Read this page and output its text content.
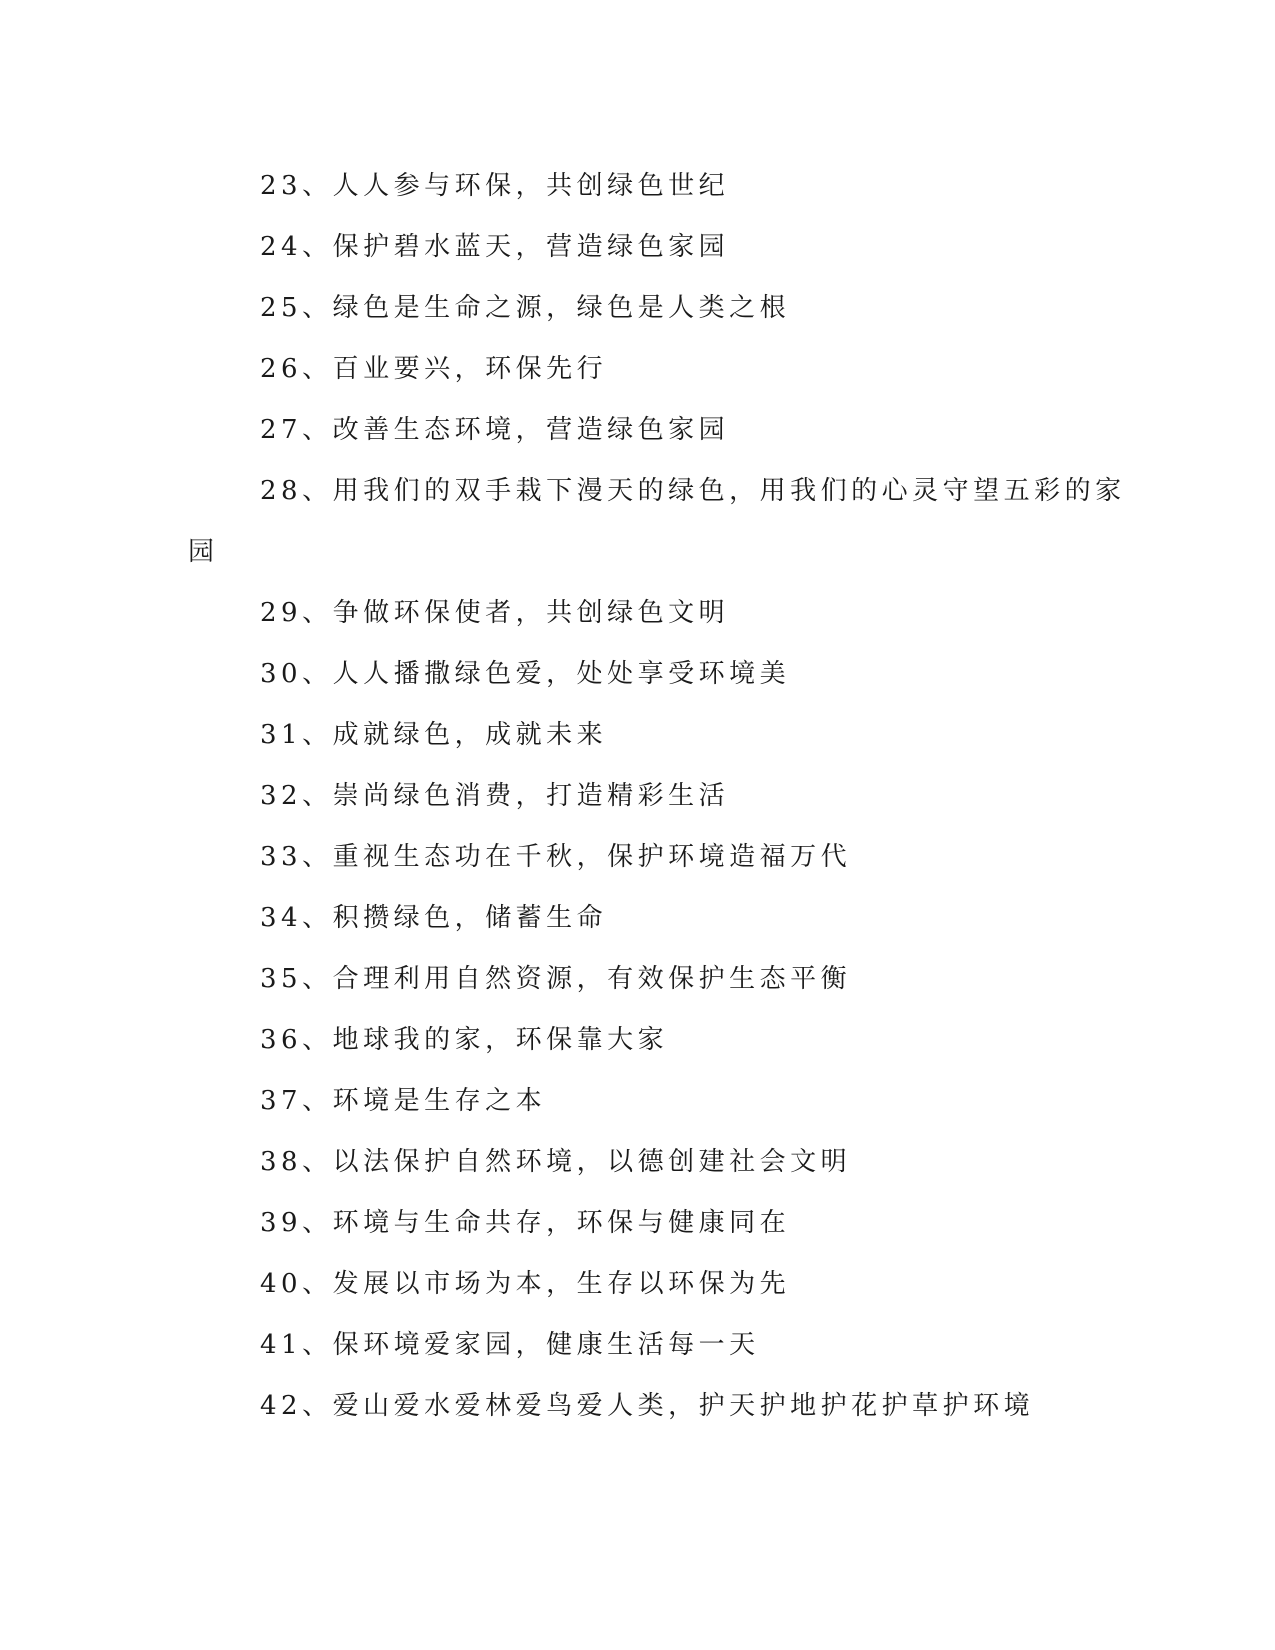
23、人人参与环保，共创绿色世纪
24、保护碧水蓝天，营造绿色家园
25、绿色是生命之源，绿色是人类之根
26、百业要兴，环保先行
27、改善生态环境，营造绿色家园
28、用我们的双手栽下漫天的绿色，用我们的心灵守望五彩的家
园
29、争做环保使者，共创绿色文明
30、人人播撒绿色爱，处处享受环境美
31、成就绿色，成就未来
32、崇尚绿色消费，打造精彩生活
33、重视生态功在千秋，保护环境造福万代
34、积攒绿色，储蓄生命
35、合理利用自然资源，有效保护生态平衡
36、地球我的家，环保靠大家
37、环境是生存之本
38、以法保护自然环境，以德创建社会文明
39、环境与生命共存，环保与健康同在
40、发展以市场为本，生存以环保为先
41、保环境爱家园，健康生活每一天
42、爱山爱水爱林爱鸟爱人类，护天护地护花护草护环境
